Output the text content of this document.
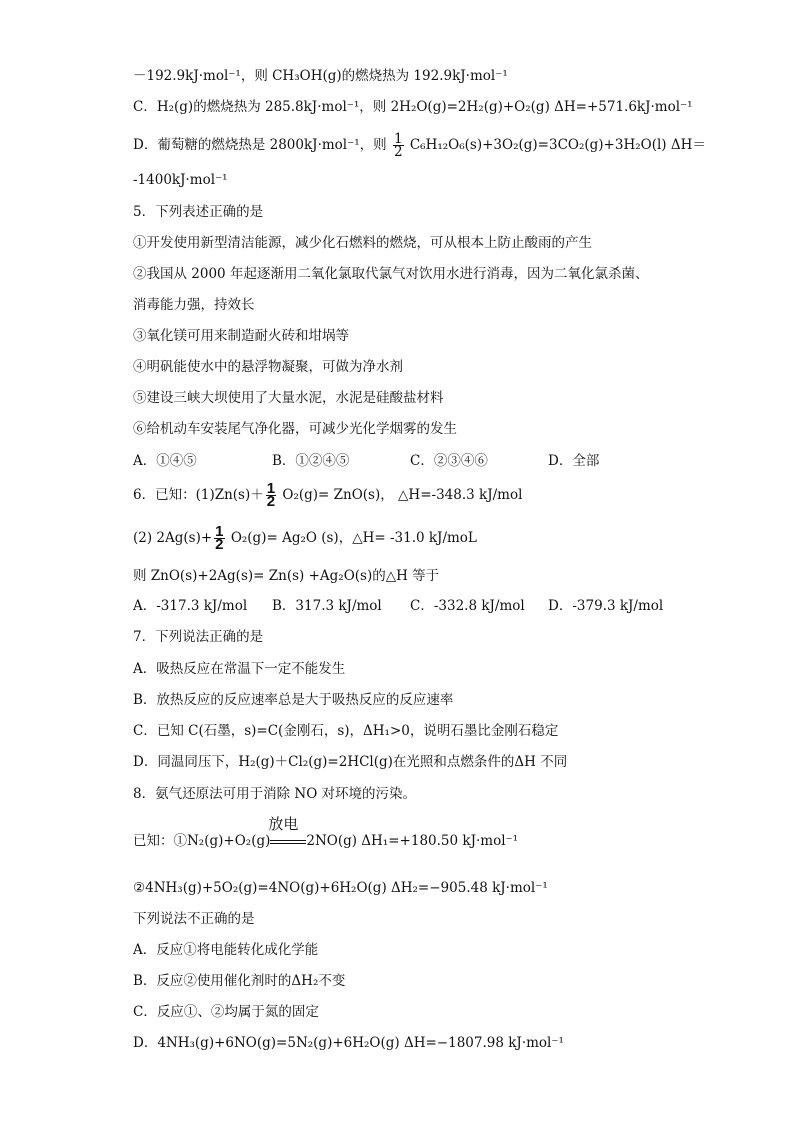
－192.9kJ·mol⁻¹，则 CH₃OH(g)的燃烧热为 192.9kJ·mol⁻¹
C．H₂(g)的燃烧热为 285.8kJ·mol⁻¹，则 2H₂O(g)=2H₂(g)+O₂(g) ΔH=+571.6kJ·mol⁻¹
D．葡萄糖的燃烧热是 2800kJ·mol⁻¹，则 $\frac{1}{2} C_6H_{12}O_6(s)+3O_2(g)=3CO_2(g)+3H_2O(l)$ ΔH＝
-1400kJ·mol⁻¹
5．下列表述正确的是
①开发使用新型清洁能源，减少化石燃料的燃烧，可从根本上防止酸雨的产生
②我国从 2000 年起逐渐用二氧化氯取代氯气对饮用水进行消毒，因为二氧化氯杀菌、
消毒能力强，持效长
③氧化镁可用来制造耐火砖和坩埚等
④明矾能使水中的悬浮物凝聚，可做为净水剂
⑤建设三峡大坝使用了大量水泥，水泥是硅酸盐材料
⑥给机动车安装尾气净化器，可减少光化学烟雾的发生
A．①④⑤	B．①②④⑤	C．②③④⑥	D．全部
6．已知：$(1)Zn(s)+ \frac{1}{2} O_2(g)= ZnO(s)$， △H=-348.3 kJ/mol
(2) $2Ag(s)+ \frac{1}{2} O_2(g)= Ag_2O$ (s)，△H= -31.0 kJ/moL
则 ZnO(s)+2Ag(s)= Zn(s) +Ag₂O(s)的△H 等于
A．-317.3 kJ/mol B．317.3 kJ/mol C．-332.8 kJ/mol D．-379.3 kJ/mol
7．下列说法正确的是
A．吸热反应在常温下一定不能发生
B．放热反应的反应速率总是大于吸热反应的反应速率
C．已知 C(石墨，s)=C(金刚石，s)，ΔH₁>0，说明石墨比金刚石稳定
D．同温同压下，H₂(g)＋Cl₂(g)=2HCl(g)在光照和点燃条件的ΔH 不同
8．氨气还原法可用于消除 NO 对环境的污染。
已知：①N₂(g)+O₂(g)
放电
2NO(g) ΔH₁=+180.50 kJ·mol⁻¹
②4NH₃(g)+5O₂(g)=4NO(g)+6H₂O(g) ΔH₂=−905.48 kJ·mol⁻¹
下列说法不正确的是
A．反应①将电能转化成化学能
B．反应②使用催化剂时的ΔH₂不变
C．反应①、②均属于氮的固定
D．4NH₃(g)+6NO(g)=5N₂(g)+6H₂O(g) ΔH=−1807.98 kJ·mol⁻¹
